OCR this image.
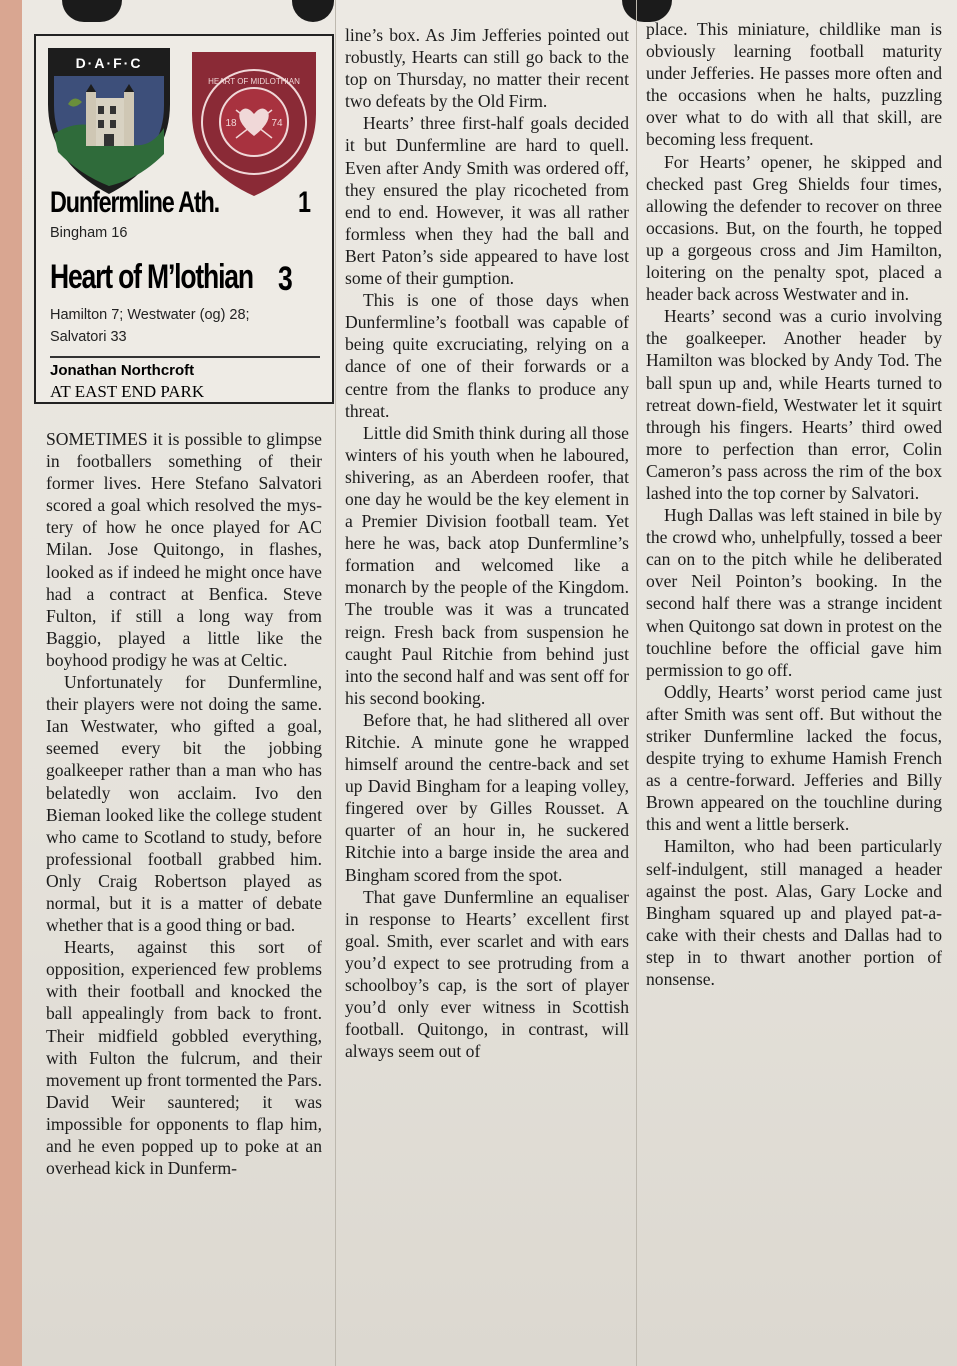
D·A·F·C
18	74
HEART OF MIDLOTHIAN
Dunfermline Ath.	1
Bingham 16
Heart of M’lothian 3
Hamilton 7; Westwater (og) 28;
Salvatori 33
Jonathan Northcroft
AT EAST END PARK

SOMETIMES it is possible to glimpse in footballers something of their former lives. Here Stefano Salvatori scored a goal which resolved the mystery of how he once played for AC Milan. Jose Quitongo, in flashes, looked as if indeed he might once have had a contract at Benfica. Steve Fulton, if still a long way from Baggio, played a little like the boyhood prodigy he was at Celtic.

Unfortunately for Dunfermline, their players were not doing the same. Ian Westwater, who gifted a goal, seemed every bit the jobbing goalkeeper rather than a man who has belatedly won acclaim. Ivo den Bieman looked like the college student who came to Scotland to study, before professional football grabbed him. Only Craig Robertson played as normal, but it is a matter of debate whether that is a good thing or bad.

Hearts, against this sort of opposition, experienced few problems with their football and knocked the ball appealingly from back to front. Their midfield gobbled everything, with Fulton the fulcrum, and their movement up front tormented the Pars. David Weir sauntered; it was impossible for opponents to flap him, and he even popped up to poke at an overhead kick in Dunferm-

line’s box. As Jim Jefferies pointed out robustly, Hearts can still go back to the top on Thursday, no matter their recent two defeats by the Old Firm.

Hearts’ three first-half goals decided it but Dunfermline are hard to quell. Even after Andy Smith was ordered off, they ensured the play ricocheted from end to end. However, it was all rather formless when they had the ball and Bert Paton’s side appeared to have lost some of their gumption.

This is one of those days when Dunfermline’s football was capable of being quite excruciating, relying on a dance of one of their forwards or a centre from the flanks to produce any threat.

Little did Smith think during all those winters of his youth when he laboured, shivering, as an Aberdeen roofer, that one day he would be the key element in a Premier Division football team. Yet here he was, back atop Dunfermline’s formation and welcomed like a monarch by the people of the Kingdom. The trouble was it was a truncated reign. Fresh back from suspension he caught Paul Ritchie from behind just into the second half and was sent off for his second booking.

Before that, he had slithered all over Ritchie. A minute gone he wrapped himself around the centre-back and set up David Bingham for a leaping volley, fingered over by Gilles Rousset. A quarter of an hour in, he suckered Ritchie into a barge inside the area and Bingham scored from the spot.

That gave Dunfermline an equaliser in response to Hearts’ excellent first goal. Smith, ever scarlet and with ears you’d expect to see protruding from a schoolboy’s cap, is the sort of player you’d only ever witness in Scottish football. Quitongo, in contrast, will always seem out of

place. This miniature, childlike man is obviously learning football maturity under Jefferies. He passes more often and the occasions when he halts, puzzling over what to do with all that skill, are becoming less frequent.

For Hearts’ opener, he skipped and checked past Greg Shields four times, allowing the defender to recover on three occasions. But, on the fourth, he topped up a gorgeous cross and Jim Hamilton, loitering on the penalty spot, placed a header back across Westwater and in.

Hearts’ second was a curio involving the goalkeeper. Another header by Hamilton was blocked by Andy Tod. The ball spun up and, while Hearts turned to retreat down-field, Westwater let it squirt through his fingers. Hearts’ third owed more to perfection than error, Colin Cameron’s pass across the rim of the box lashed into the top corner by Salvatori.

Hugh Dallas was left stained in bile by the crowd who, unhelpfully, tossed a beer can on to the pitch while he deliberated over Neil Pointon’s booking. In the second half there was a strange incident when Quitongo sat down in protest on the touchline before the official gave him permission to go off.

Oddly, Hearts’ worst period came just after Smith was sent off. But without the striker Dunfermline lacked the focus, despite trying to exhume Hamish French as a centre-forward. Jefferies and Billy Brown appeared on the touchline during this and went a little berserk.

Hamilton, who had been particularly self-indulgent, still managed a header against the post. Alas, Gary Locke and Bingham squared up and played pat-a-cake with their chests and Dallas had to step in to thwart another portion of nonsense.
